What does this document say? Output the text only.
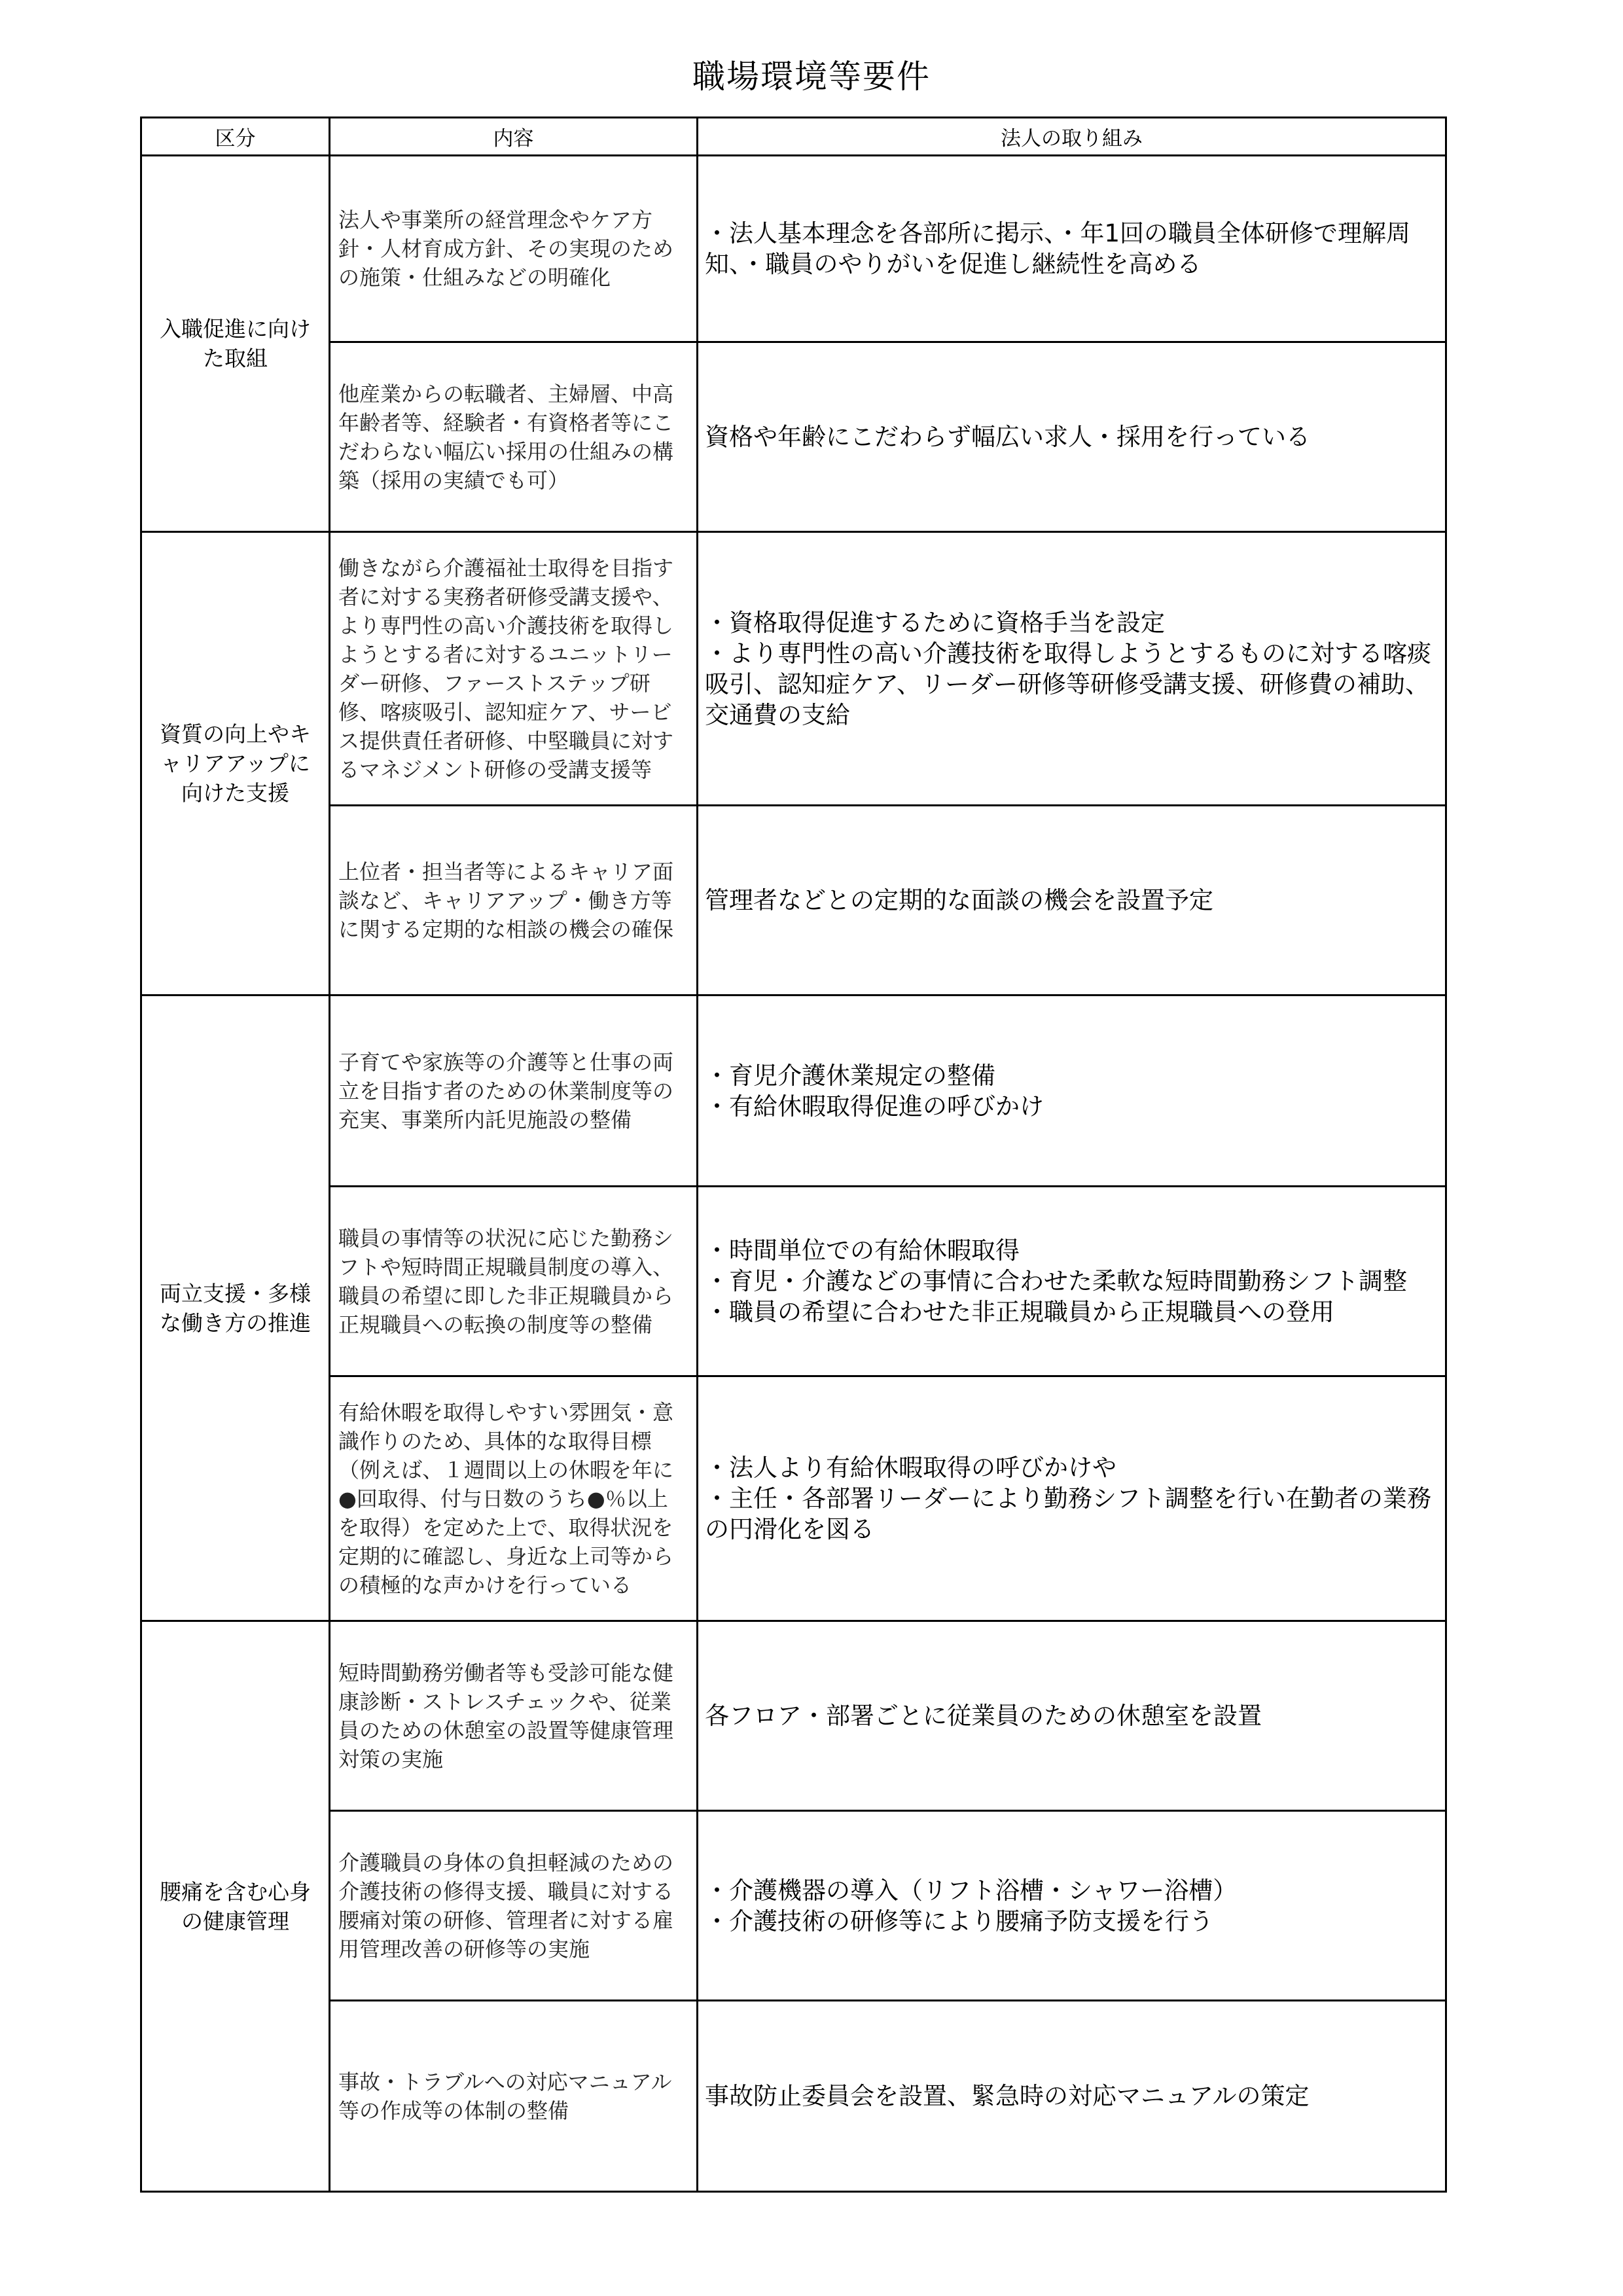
職場環境等要件
区分	内容	法人の取り組み
入職促進に向けた取組	法人や事業所の経営理念やケア方針・人材育成方針、その実現のための施策・仕組みなどの明確化	・法人基本理念を各部所に掲示、・年1回の職員全体研修で理解周知、・職員のやりがいを促進し継続性を高める

	他産業からの転職者、主婦層、中高年齢者等、経験者・有資格者等にこだわらない幅広い採用の仕組みの構築（採用の実績でも可）	資格や年齢にこだわらず幅広い求人・採用を行っている

資質の向上やキャリアアップに向けた支援	働きながら介護福祉士取得を目指す者に対する実務者研修受講支援や、より専門性の高い介護技術を取得しようとする者に対するユニットリーダー研修、ファーストステップ研修、喀痰吸引、認知症ケア、サービス提供責任者研修、中堅職員に対するマネジメント研修の受講支援等	・資格取得促進するために資格手当を設定
・より専門性の高い介護技術を取得しようとするものに対する喀痰吸引、認知症ケア、リーダー研修等研修受講支援、研修費の補助、交通費の支給

	上位者・担当者等によるキャリア面談など、キャリアアップ・働き方等に関する定期的な相談の機会の確保	管理者などとの定期的な面談の機会を設置予定

両立支援・多様な働き方の推進	子育てや家族等の介護等と仕事の両立を目指す者のための休業制度等の充実、事業所内託児施設の整備	・育児介護休業規定の整備
・有給休暇取得促進の呼びかけ

	職員の事情等の状況に応じた勤務シフトや短時間正規職員制度の導入、職員の希望に即した非正規職員から正規職員への転換の制度等の整備	・時間単位での有給休暇取得
・育児・介護などの事情に合わせた柔軟な短時間勤務シフト調整
・職員の希望に合わせた非正規職員から正規職員への登用

	有給休暇を取得しやすい雰囲気・意識作りのため、具体的な取得目標（例えば、１週間以上の休暇を年に●回取得、付与日数のうち●％以上を取得）を定めた上で、取得状況を定期的に確認し、身近な上司等からの積極的な声かけを行っている	・法人より有給休暇取得の呼びかけや
・主任・各部署リーダーにより勤務シフト調整を行い在勤者の業務の円滑化を図る

腰痛を含む心身の健康管理	短時間勤務労働者等も受診可能な健康診断・ストレスチェックや、従業員のための休憩室の設置等健康管理対策の実施	各フロア・部署ごとに従業員のための休憩室を設置

	介護職員の身体の負担軽減のための介護技術の修得支援、職員に対する腰痛対策の研修、管理者に対する雇用管理改善の研修等の実施	・介護機器の導入（リフト浴槽・シャワー浴槽）
・介護技術の研修等により腰痛予防支援を行う

	事故・トラブルへの対応マニュアル等の作成等の体制の整備	事故防止委員会を設置、緊急時の対応マニュアルの策定
